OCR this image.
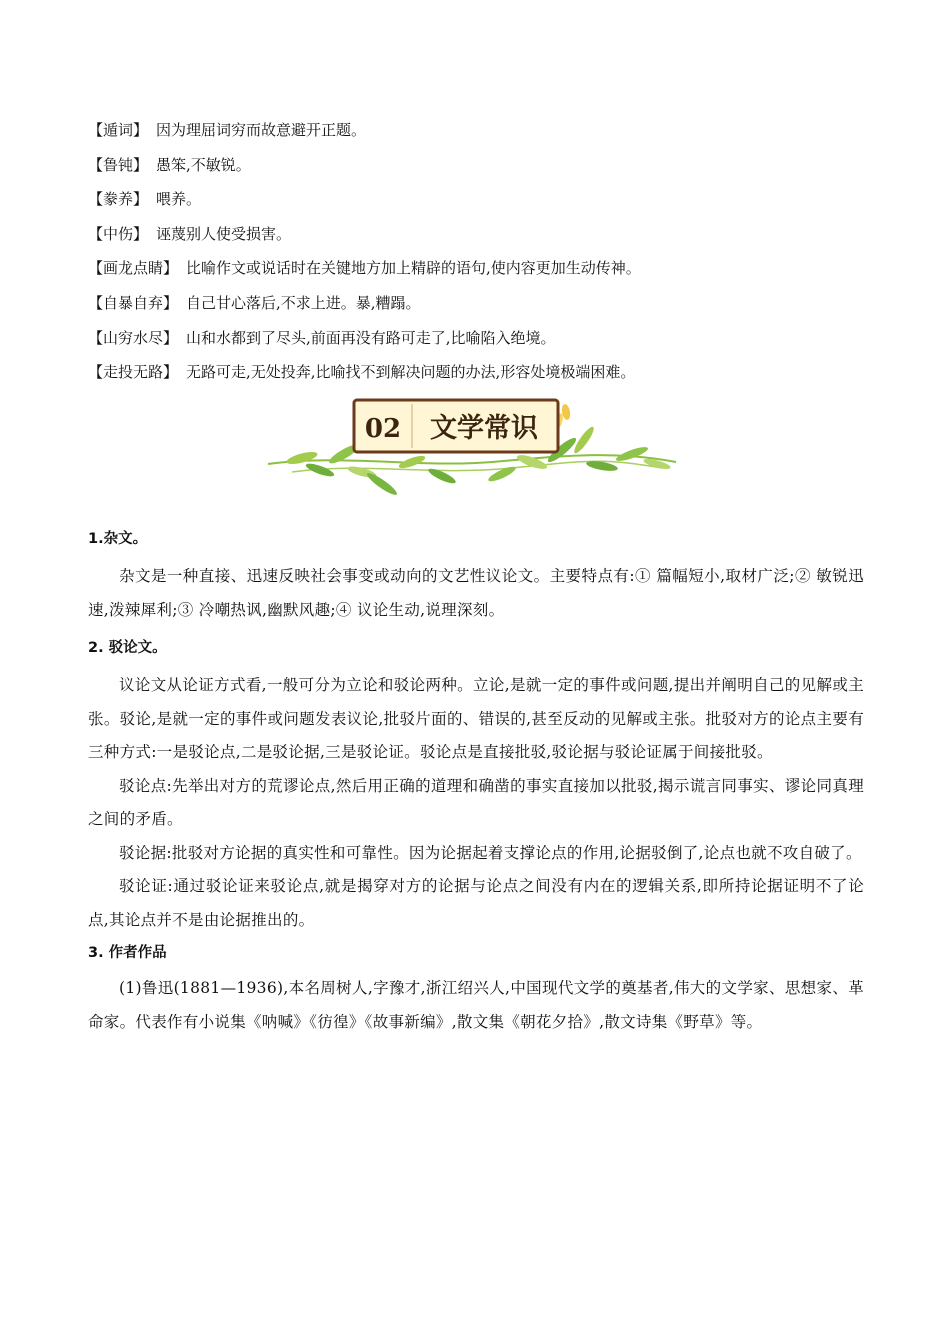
【遁词】 因为理屈词穷而故意避开正题。
【鲁钝】 愚笨,不敏锐。
【豢养】 喂养。
【中伤】 诬蔑别人使受损害。
【画龙点睛】 比喻作文或说话时在关键地方加上精辟的语句,使内容更加生动传神。
【自暴自弃】 自己甘心落后,不求上进。暴,糟蹋。
【山穷水尽】 山和水都到了尽头,前面再没有路可走了,比喻陷入绝境。
【走投无路】 无路可走,无处投奔,比喻找不到解决问题的办法,形容处境极端困难。
02 文学常识

1.杂文。

杂文是一种直接、迅速反映社会事变或动向的文艺性议论文。主要特点有:① 篇幅短小,取材广泛;② 敏锐迅速,泼辣犀利;③ 冷嘲热讽,幽默风趣;④ 议论生动,说理深刻。

2. 驳论文。

议论文从论证方式看,一般可分为立论和驳论两种。立论,是就一定的事件或问题,提出并阐明自己的见解或主张。驳论,是就一定的事件或问题发表议论,批驳片面的、错误的,甚至反动的见解或主张。批驳对方的论点主要有三种方式:一是驳论点,二是驳论据,三是驳论证。驳论点是直接批驳,驳论据与驳论证属于间接批驳。

驳论点:先举出对方的荒谬论点,然后用正确的道理和确凿的事实直接加以批驳,揭示谎言同事实、谬论同真理之间的矛盾。

驳论据:批驳对方论据的真实性和可靠性。因为论据起着支撑论点的作用,论据驳倒了,论点也就不攻自破了。

驳论证:通过驳论证来驳论点,就是揭穿对方的论据与论点之间没有内在的逻辑关系,即所持论据证明不了论点,其论点并不是由论据推出的。

3. 作者作品

(1)鲁迅(1881—1936),本名周树人,字豫才,浙江绍兴人,中国现代文学的奠基者,伟大的文学家、思想家、革命家。代表作有小说集《呐喊》《彷徨》《故事新编》,散文集《朝花夕拾》,散文诗集《野草》等。
